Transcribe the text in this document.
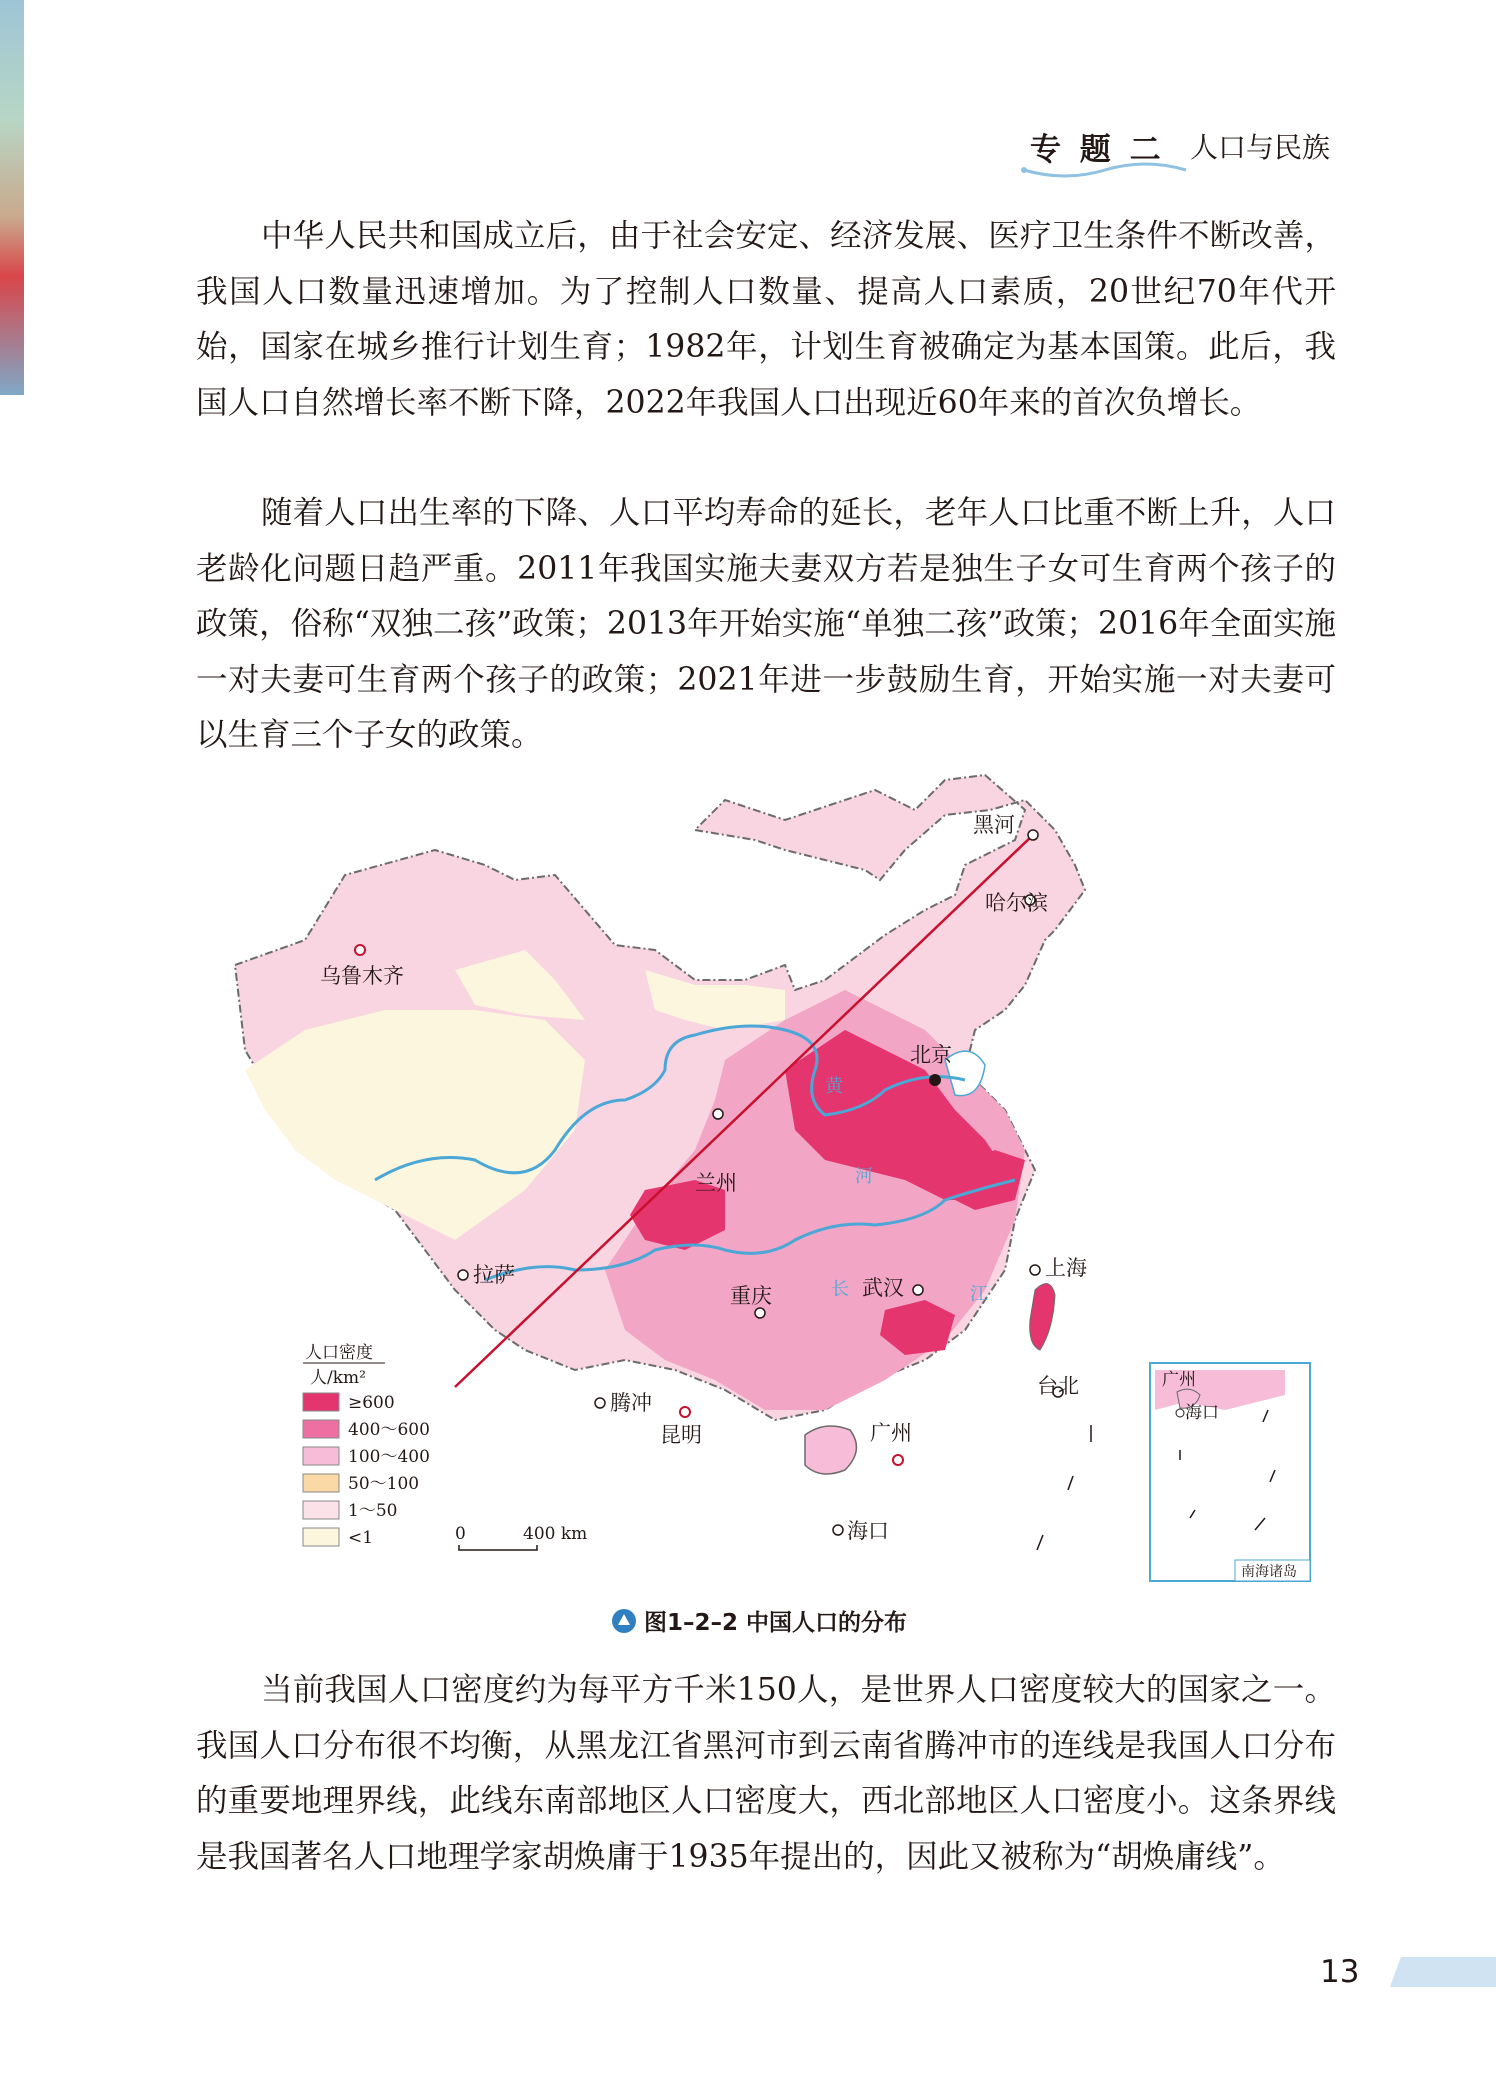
专 题 二 人口与民族

中华人民共和国成立后，由于社会安定、经济发展、医疗卫生条件不断改善，我国人口数量迅速增加。为了控制人口数量、提高人口素质，20世纪70年代开始，国家在城乡推行计划生育；1982年，计划生育被确定为基本国策。此后，我国人口自然增长率不断下降，2022年我国人口出现近60年来的首次负增长。

随着人口出生率的下降、人口平均寿命的延长，老年人口比重不断上升，人口老龄化问题日趋严重。2011年我国实施夫妻双方若是独生子女可生育两个孩子的政策，俗称“双独二孩”政策；2013年开始实施“单独二孩”政策；2016年全面实施一对夫妻可生育两个孩子的政策；2021年进一步鼓励生育，开始实施一对夫妻可以生育三个子女的政策。

黑河
哈尔滨
乌鲁木齐
北京
兰州
拉萨	上海
武汉
重庆
腾冲
昆明	广州
台北
海口
黄
河
长	江
人口密度
人/km²
≥600
400～600
100～400
50～100
1～50
<1	0	400 km
广州
海口
南海诸岛
图1–2–2 中国人口的分布

当前我国人口密度约为每平方千米150人，是世界人口密度较大的国家之一。我国人口分布很不均衡，从黑龙江省黑河市到云南省腾冲市的连线是我国人口分布的重要地理界线，此线东南部地区人口密度大，西北部地区人口密度小。这条界线是我国著名人口地理学家胡焕庸于1935年提出的，因此又被称为“胡焕庸线”。

13
